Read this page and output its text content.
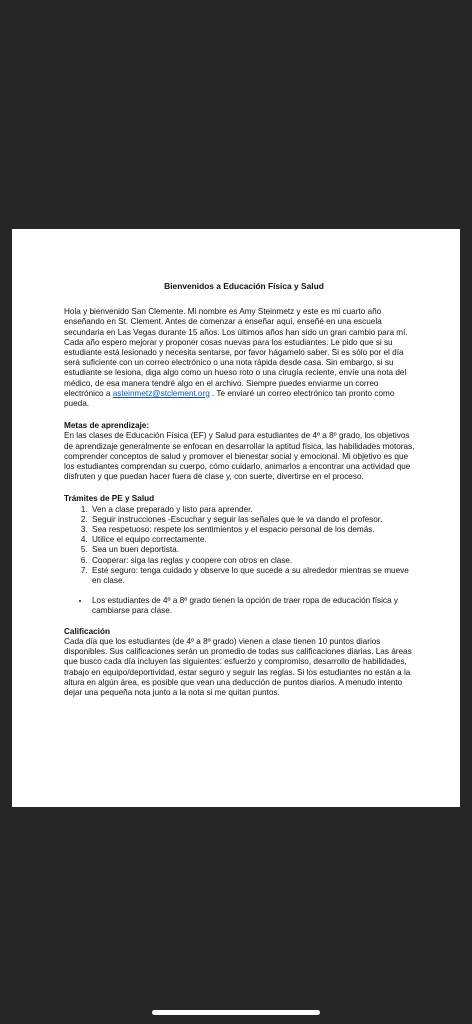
Bienvenidos a Educación Física y Salud

Hola y bienvenido San Clemente. Mi nombre es Amy Steinmetz y este es mi cuarto año enseñando en St. Clement. Antes de comenzar a enseñar aquí, enseñé en una escuela secundaria en Las Vegas durante 15 años. Los últimos años han sido un gran cambio para mí. Cada año espero mejorar y proponer cosas nuevas para los estudiantes. Le pido que si su estudiante está lesionado y necesita sentarse, por favor hágamelo saber. Si es sólo por el día será suficiente con un correo electrónico o una nota rápida desde casa. Sin embargo, si su estudiante se lesiona, diga algo como un hueso roto o una cirugía reciente, envíe una nota del médico, de esa manera tendré algo en el archivo. Siempre puedes enviarme un correo electrónico a asteinmetz@stclement.org . Te enviaré un correo electrónico tan pronto como pueda.

Metas de aprendizaje:

En las clases de Educación Física (EF) y Salud para estudiantes de 4º a 8º grado, los objetivos de aprendizaje generalmente se enfocan en desarrollar la aptitud física, las habilidades motoras, comprender conceptos de salud y promover el bienestar social y emocional. Mi objetivo es que los estudiantes comprendan su cuerpo, cómo cuidarlo, animarlos a encontrar una actividad que disfruten y que puedan hacer fuera de clase y, con suerte, divertirse en el proceso.

Trámites de PE y Salud
1. Ven a clase preparado y listo para aprender.
2. Seguir instrucciones -Escuchar y seguir las señales que le va dando el profesor.
3. Sea respetuoso: respete los sentimientos y el espacio personal de los demás.
4. Utilice el equipo correctamente.
5. Sea un buen deportista.
6. Cooperar: siga las reglas y coopere con otros en clase.
7. Esté seguro: tenga cuidado y observe lo que sucede a su alrededor mientras se mueve en clase.
• Los estudiantes de 4º a 8º grado tienen la opción de traer ropa de educación física y cambiarse para clase.
Calificación

Cada día que los estudiantes (de 4º a 8º grado) vienen a clase tienen 10 puntos diarios disponibles. Sus calificaciones serán un promedio de todas sus calificaciones diarias. Las áreas que busco cada día incluyen las siguientes: esfuerzo y compromiso, desarrollo de habilidades, trabajo en equipo/deportividad, estar seguro y seguir las reglas. Si los estudiantes no están a la altura en algún área, es posible que vean una deducción de puntos diarios. A menudo intento dejar una pequeña nota junto a la nota si me quitan puntos.
